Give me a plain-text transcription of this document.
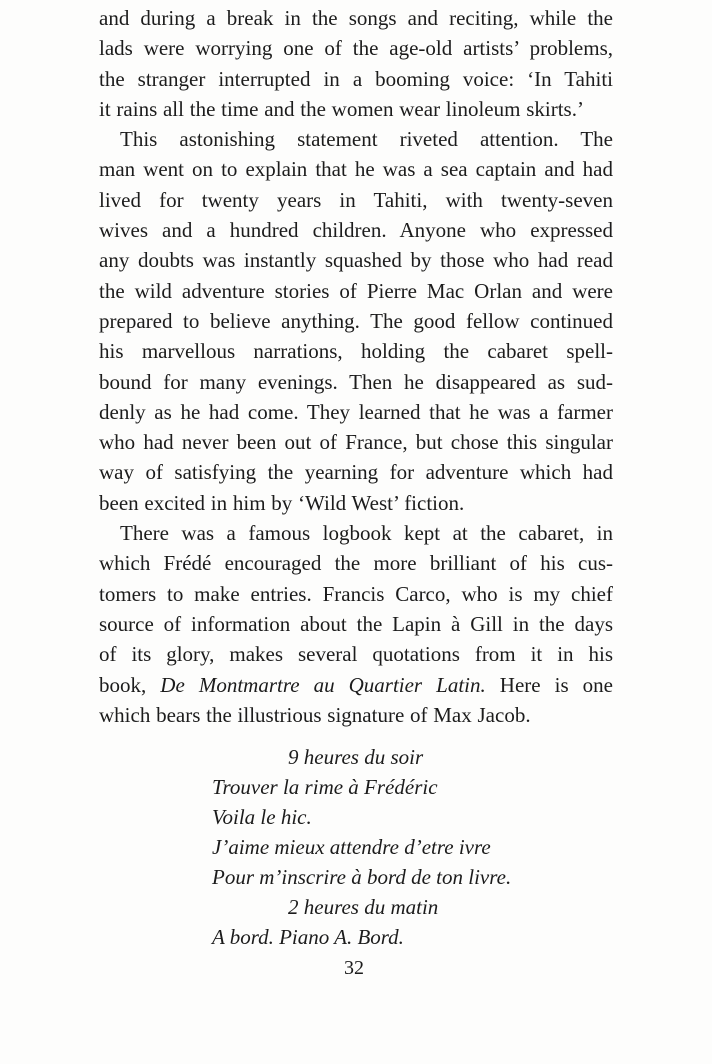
and during a break in the songs and reciting, while the
lads were worrying one of the age-old artists’ problems,
the stranger interrupted in a booming voice: ‘In Tahiti
it rains all the time and the women wear linoleum skirts.’
This astonishing statement riveted attention. The
man went on to explain that he was a sea captain and had
lived for twenty years in Tahiti, with twenty-seven
wives and a hundred children. Anyone who expressed
any doubts was instantly squashed by those who had read
the wild adventure stories of Pierre Mac Orlan and were
prepared to believe anything. The good fellow continued
his marvellous narrations, holding the cabaret spell-
bound for many evenings. Then he disappeared as sud-
denly as he had come. They learned that he was a farmer
who had never been out of France, but chose this singular
way of satisfying the yearning for adventure which had
been excited in him by ‘Wild West’ fiction.
There was a famous logbook kept at the cabaret, in
which Frédé encouraged the more brilliant of his cus-
tomers to make entries. Francis Carco, who is my chief
source of information about the Lapin à Gill in the days
of its glory, makes several quotations from it in his
book, De Montmartre au Quartier Latin. Here is one
which bears the illustrious signature of Max Jacob.
9 heures du soir
Trouver la rime à Frédéric
Voila le hic.
J’aime mieux attendre d’etre ivre
Pour m’inscrire à bord de ton livre.
2 heures du matin
A bord. Piano A. Bord.
32
